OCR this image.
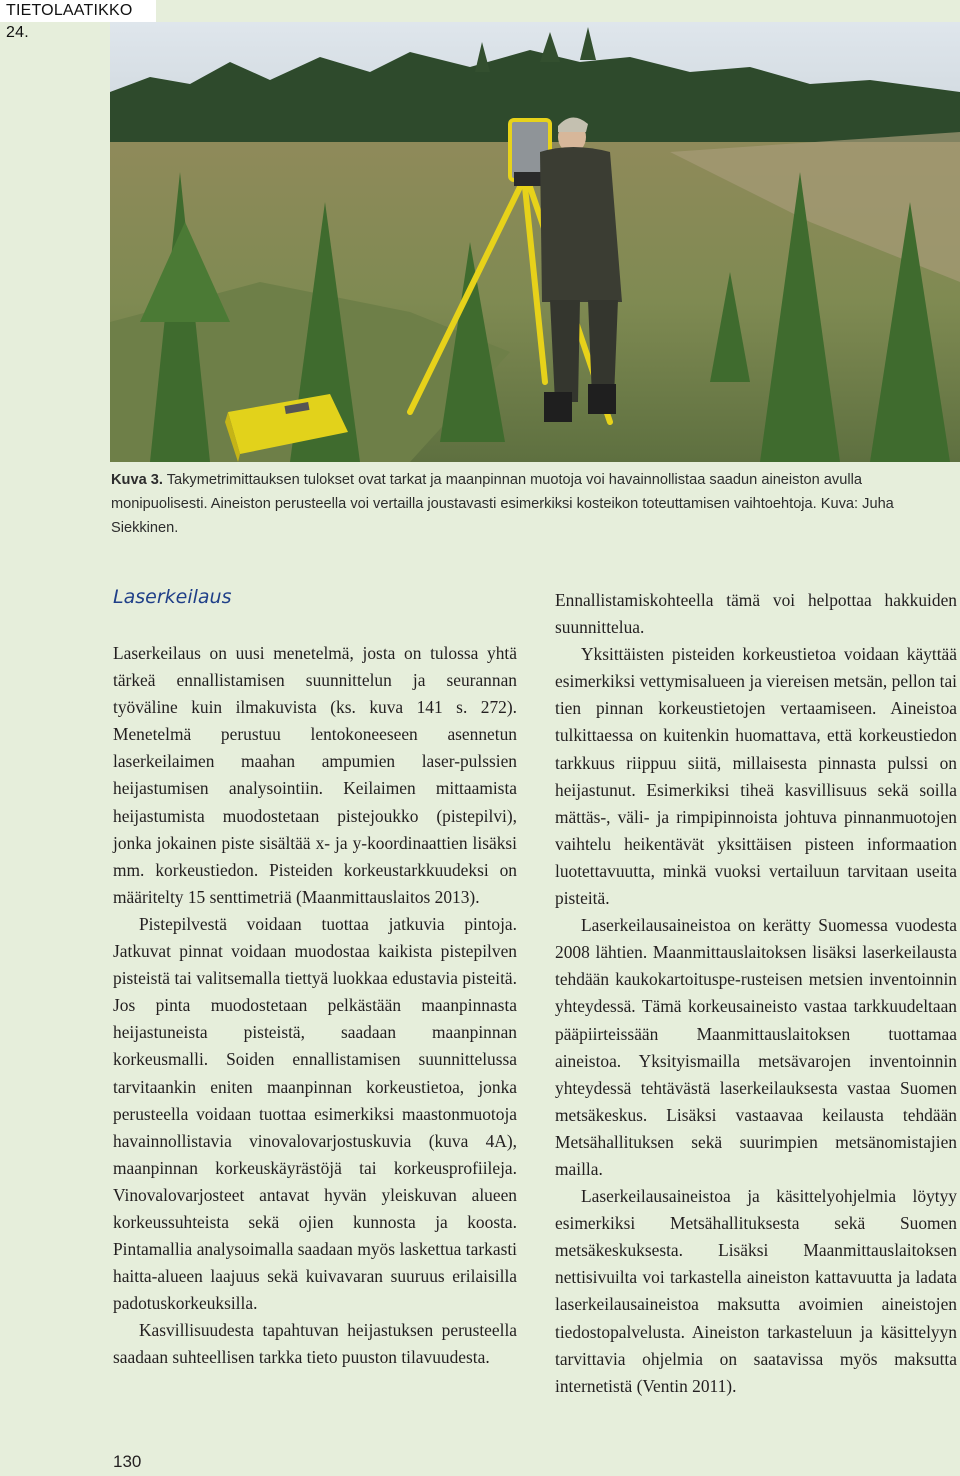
TIETOLAATIKKO 24.
Kuva 3. Takymetrimittauksen tulokset ovat tarkat ja maanpinnan muotoja voi havainnollistaa saadun aineiston avulla monipuolisesti. Aineiston perusteella voi vertailla joustavasti esimerkiksi kosteikon toteuttamisen vaihtoehtoja. Kuva: Juha Siekkinen.
Laserkeilaus

Laserkeilaus on uusi menetelmä, josta on tulossa yhtä tärkeä ennallistamisen suunnittelun ja seurannan työväline kuin ilmakuvista (ks. kuva 141 s. 272). Menetelmä perustuu lentokoneeseen asennetun laserkeilaimen maahan ampumien laser-pulssien heijastumisen analysointiin. Keilaimen mittaamista heijastumista muodostetaan pistejoukko (pistepilvi), jonka jokainen piste sisältää x- ja y-koordinaattien lisäksi mm. korkeustiedon. Pisteiden korkeustarkkuudeksi on määritelty 15 senttimetriä (Maanmittauslaitos 2013).

Pistepilvestä voidaan tuottaa jatkuvia pintoja. Jatkuvat pinnat voidaan muodostaa kaikista pistepilven pisteistä tai valitsemalla tiettyä luokkaa edustavia pisteitä. Jos pinta muodostetaan pelkästään maanpinnasta heijastuneista pisteistä, saadaan maanpinnan korkeusmalli. Soiden ennallistamisen suunnittelussa tarvitaankin eniten maanpinnan korkeustietoa, jonka perusteella voidaan tuottaa esimerkiksi maastonmuotoja havainnollistavia vinovalovarjostuskuvia (kuva 4A), maanpinnan korkeuskäyrästöjä tai korkeusprofiileja. Vinovalovarjosteet antavat hyvän yleiskuvan alueen korkeussuhteista sekä ojien kunnosta ja koosta. Pintamallia analysoimalla saadaan myös laskettua tarkasti haitta-alueen laajuus sekä kuivavaran suuruus erilaisilla padotuskorkeuksilla.

Kasvillisuudesta tapahtuvan heijastuksen perusteella saadaan suhteellisen tarkka tieto puuston tilavuudesta.

Ennallistamiskohteella tämä voi helpottaa hakkuiden suunnittelua.

Yksittäisten pisteiden korkeustietoa voidaan käyttää esimerkiksi vettymisalueen ja viereisen metsän, pellon tai tien pinnan korkeustietojen vertaamiseen. Aineistoa tulkittaessa on kuitenkin huomattava, että korkeustiedon tarkkuus riippuu siitä, millaisesta pinnasta pulssi on heijastunut. Esimerkiksi tiheä kasvillisuus sekä soilla mättäs-, väli- ja rimpipinnoista johtuva pinnanmuotojen vaihtelu heikentävät yksittäisen pisteen informaation luotettavuutta, minkä vuoksi vertailuun tarvitaan useita pisteitä.

Laserkeilausaineistoa on kerätty Suomessa vuodesta 2008 lähtien. Maanmittauslaitoksen lisäksi laserkeilausta tehdään kaukokartoituspe-rusteisen metsien inventoinnin yhteydessä. Tämä korkeusaineisto vastaa tarkkuudeltaan pääpiirteissään Maanmittauslaitoksen tuottamaa aineistoa. Yksityismailla metsävarojen inventoinnin yhteydessä tehtävästä laserkeilauksesta vastaa Suomen metsäkeskus. Lisäksi vastaavaa keilausta tehdään Metsähallituksen sekä suurimpien metsänomistajien mailla.

Laserkeilausaineistoa ja käsittelyohjelmia löytyy esimerkiksi Metsähallituksesta sekä Suomen metsäkeskuksesta. Lisäksi Maanmittauslaitoksen nettisivuilta voi tarkastella aineiston kattavuutta ja ladata laserkeilausaineistoa maksutta avoimien aineistojen tiedostopalvelusta. Aineiston tarkasteluun ja käsittelyyn tarvittavia ohjelmia on saatavissa myös maksutta internetistä (Ventin 2011).

130
